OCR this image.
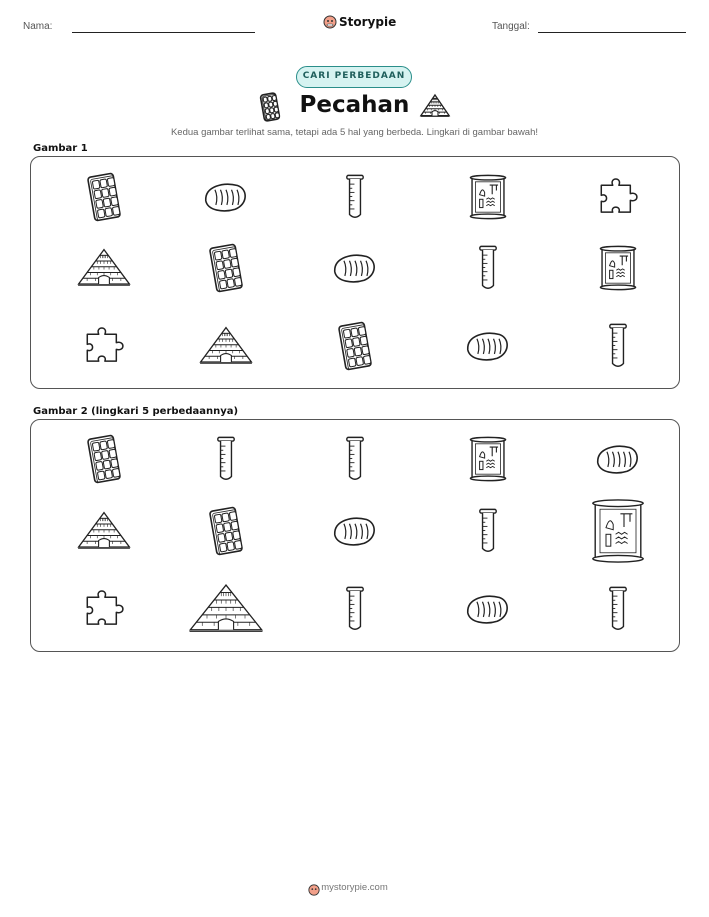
Nama:	Storypie	Tanggal:
CARI PERBEDAAN
Pecahan
Kedua gambar terlihat sama, tetapi ada 5 hal yang berbeda. Lingkari di gambar bawah!
Gambar 1
Gambar 2 (lingkari 5 perbedaannya)
mystorypie.com
